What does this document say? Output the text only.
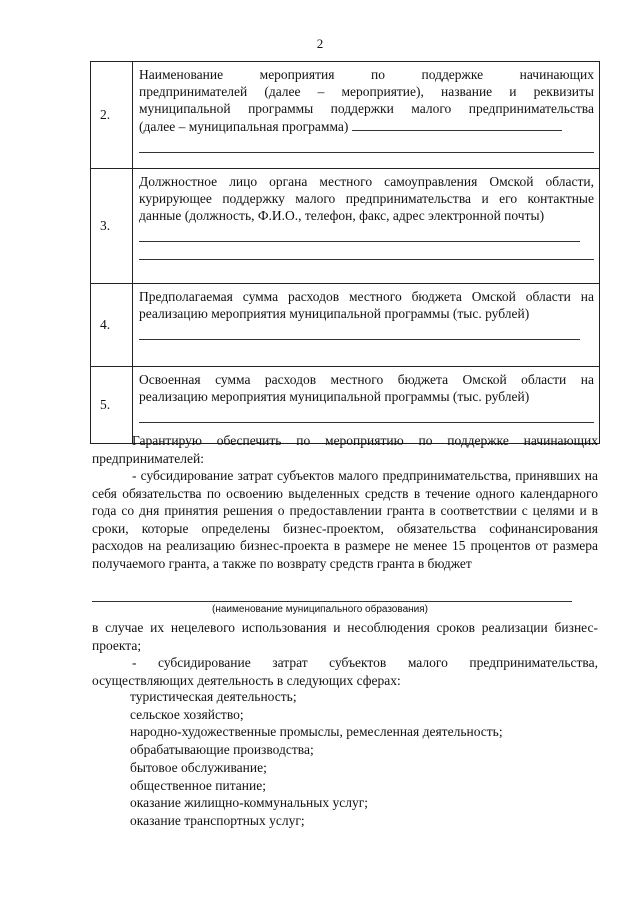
2
2.	Наименование мероприятия по поддержке начинающих
предпринимателей (далее – мероприятие), название и реквизиты
муниципальной программы поддержки малого предпринимательства
(далее – муниципальная программа)

3.	Должностное лицо органа местного самоуправления Омской области,
курирующее поддержку малого предпринимательства и его контактные
данные (должность, Ф.И.О., телефон, факс, адрес электронной почты)

4.	Предполагаемая сумма расходов местного бюджета Омской области на
реализацию мероприятия муниципальной программы (тыс. рублей)

5.	Освоенная сумма расходов местного бюджета Омской области на
реализацию мероприятия муниципальной программы (тыс. рублей)

Гарантирую обеспечить по мероприятию по поддержке начинающих предпринимателей:

- субсидирование затрат субъектов малого предпринимательства, принявших на себя обязательства по освоению выделенных средств в течение одного календарного года со дня принятия решения о предоставлении гранта в соответствии с целями и в сроки, которые определены бизнес-проектом, обязательства софинансирования расходов на реализацию бизнес-проекта в размере не менее 15 процентов от размера получаемого гранта, а также по возврату средств гранта в бюджет

(наименование муниципального образования)

в случае их нецелевого использования и несоблюдения сроков реализации бизнес-проекта;

- субсидирование затрат субъектов малого предпринимательства, осуществляющих деятельность в следующих сферах:

туристическая деятельность;
сельское хозяйство;
народно-художественные промыслы, ремесленная деятельность;
обрабатывающие производства;
бытовое обслуживание;
общественное питание;
оказание жилищно-коммунальных услуг;
оказание транспортных услуг;
